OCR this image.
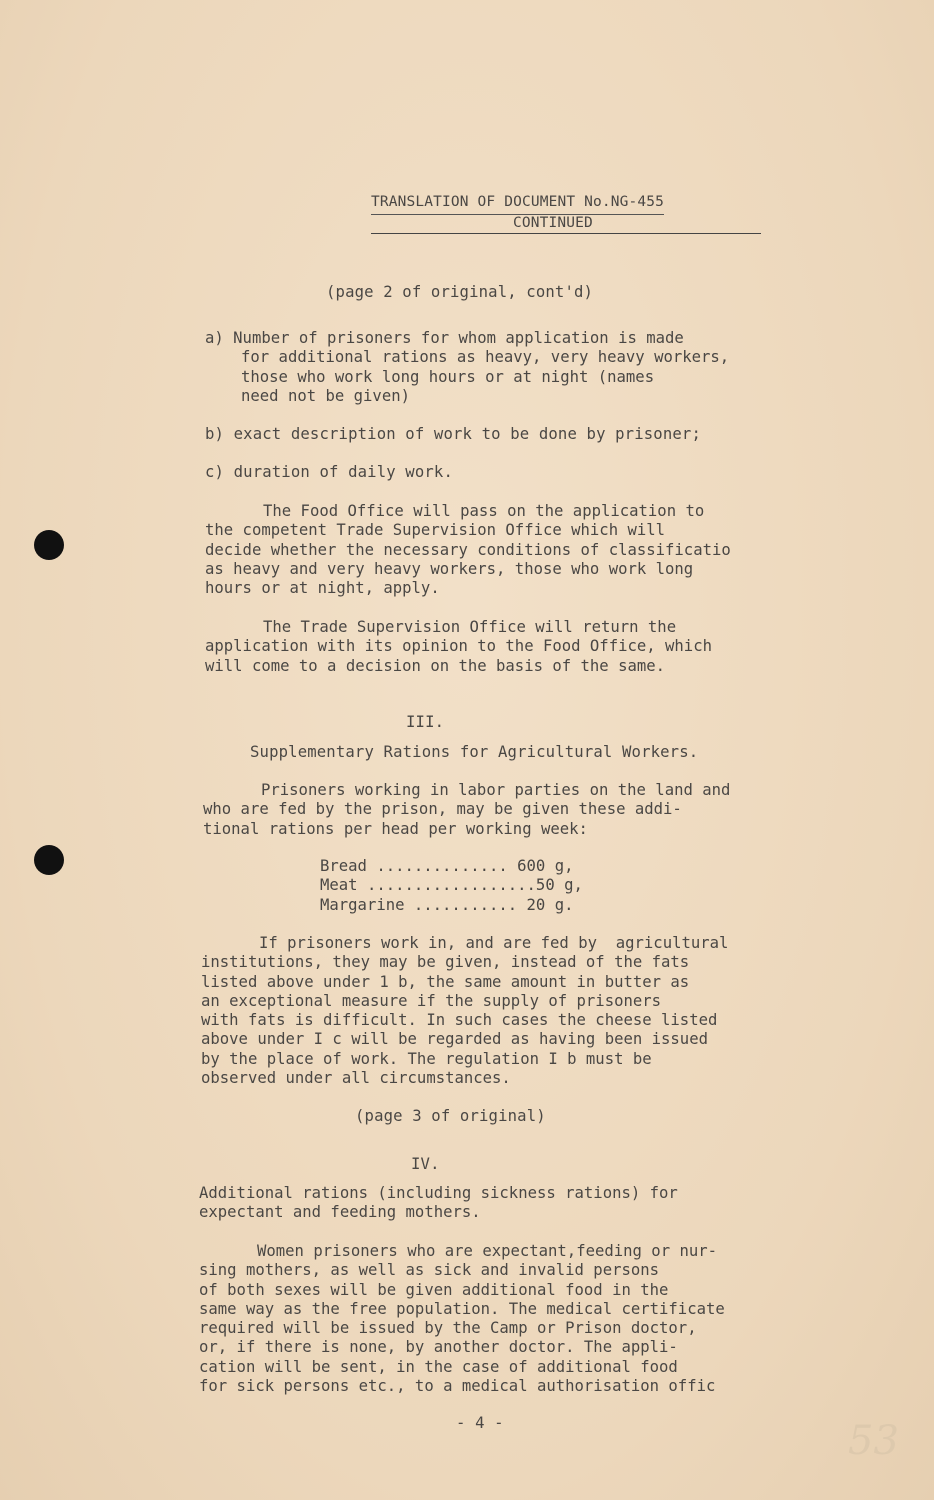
TRANSLATION OF DOCUMENT No.NG-455
CONTINUED
(page 2 of original, cont'd)
a) Number of prisoners for whom application is made
for additional rations as heavy, very heavy workers,
those who work long hours or at night (names
need not be given)
b) exact description of work to be done by prisoner;
c) duration of daily work.
The Food Office will pass on the application to
the competent Trade Supervision Office which will
decide whether the necessary conditions of classificatio
as heavy and very heavy workers, those who work long
hours or at night, apply.
The Trade Supervision Office will return the
application with its opinion to the Food Office, which
will come to a decision on the basis of the same.
III.
Supplementary Rations for Agricultural Workers.
Prisoners working in labor parties on the land and
who are fed by the prison, may be given these addi-
tional rations per head per working week:
Bread .............. 600 g,
Meat ..................50 g,
Margarine ........... 20 g.
If prisoners work in, and are fed by  agricultural
institutions, they may be given, instead of the fats
listed above under 1 b, the same amount in butter as
an exceptional measure if the supply of prisoners
with fats is difficult. In such cases the cheese listed
above under I c will be regarded as having been issued
by the place of work. The regulation I b must be
observed under all circumstances.
(page 3 of original)
IV.
Additional rations (including sickness rations) for
expectant and feeding mothers.
Women prisoners who are expectant,feeding or nur-
sing mothers, as well as sick and invalid persons
of both sexes will be given additional food in the
same way as the free population. The medical certificate
required will be issued by the Camp or Prison doctor,
or, if there is none, by another doctor. The appli-
cation will be sent, in the case of additional food
for sick persons etc., to a medical authorisation offic
- 4 -	53
